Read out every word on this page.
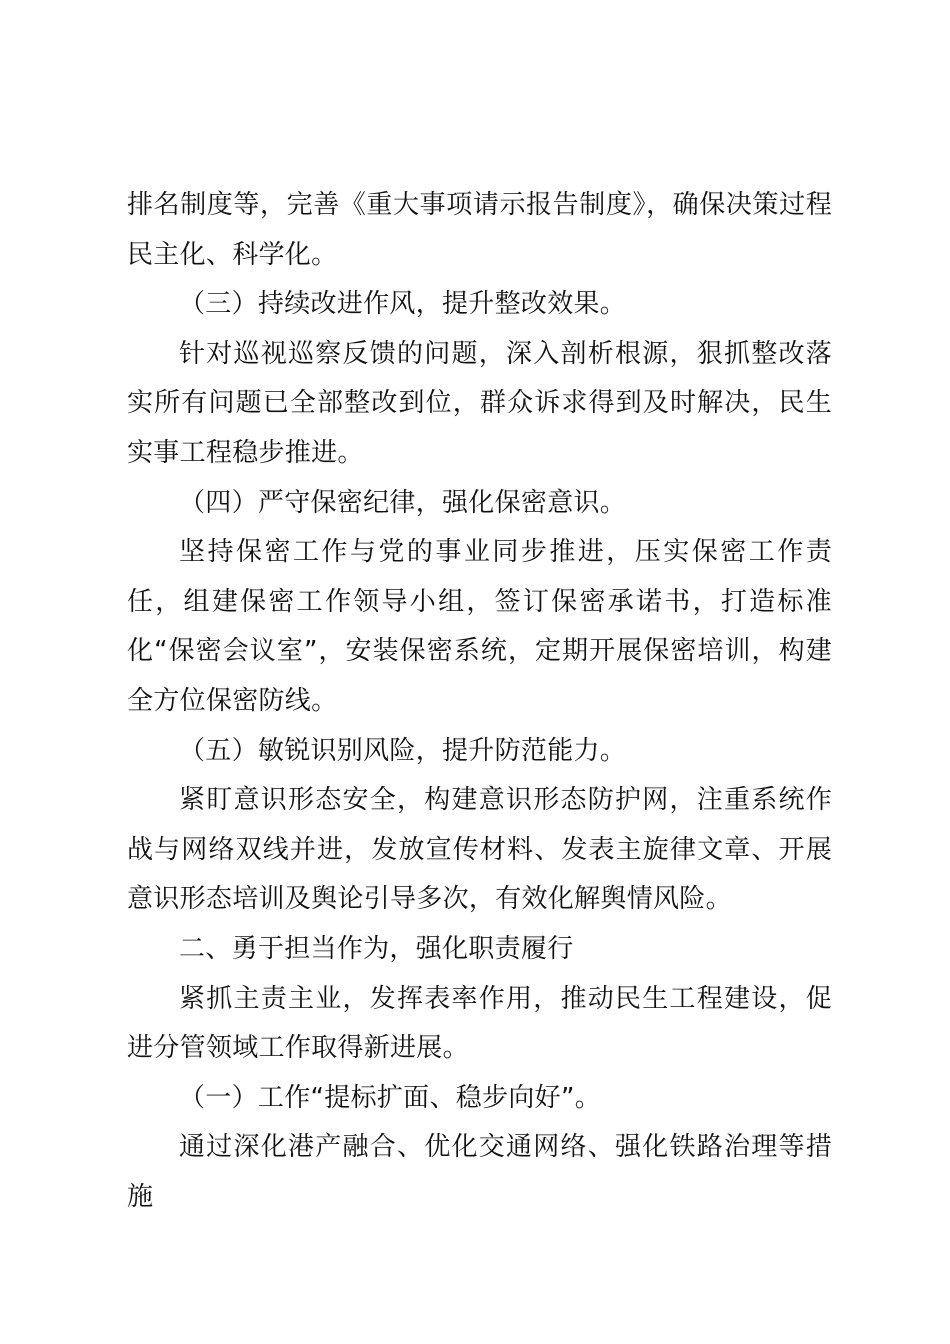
排名制度等，完善《重大事项请示报告制度》，确保决策过程民主化、科学化。

（三）持续改进作风，提升整改效果。

针对巡视巡察反馈的问题，深入剖析根源，狠抓整改落实所有问题已全部整改到位，群众诉求得到及时解决，民生实事工程稳步推进。

（四）严守保密纪律，强化保密意识。

坚持保密工作与党的事业同步推进，压实保密工作责任，组建保密工作领导小组，签订保密承诺书，打造标准化“保密会议室”，安装保密系统，定期开展保密培训，构建全方位保密防线。

（五）敏锐识别风险，提升防范能力。

紧盯意识形态安全，构建意识形态防护网，注重系统作战与网络双线并进，发放宣传材料、发表主旋律文章、开展意识形态培训及舆论引导多次，有效化解舆情风险。

二、勇于担当作为，强化职责履行

紧抓主责主业，发挥表率作用，推动民生工程建设，促进分管领域工作取得新进展。

（一）工作“提标扩面、稳步向好”。

通过深化港产融合、优化交通网络、强化铁路治理等措施
